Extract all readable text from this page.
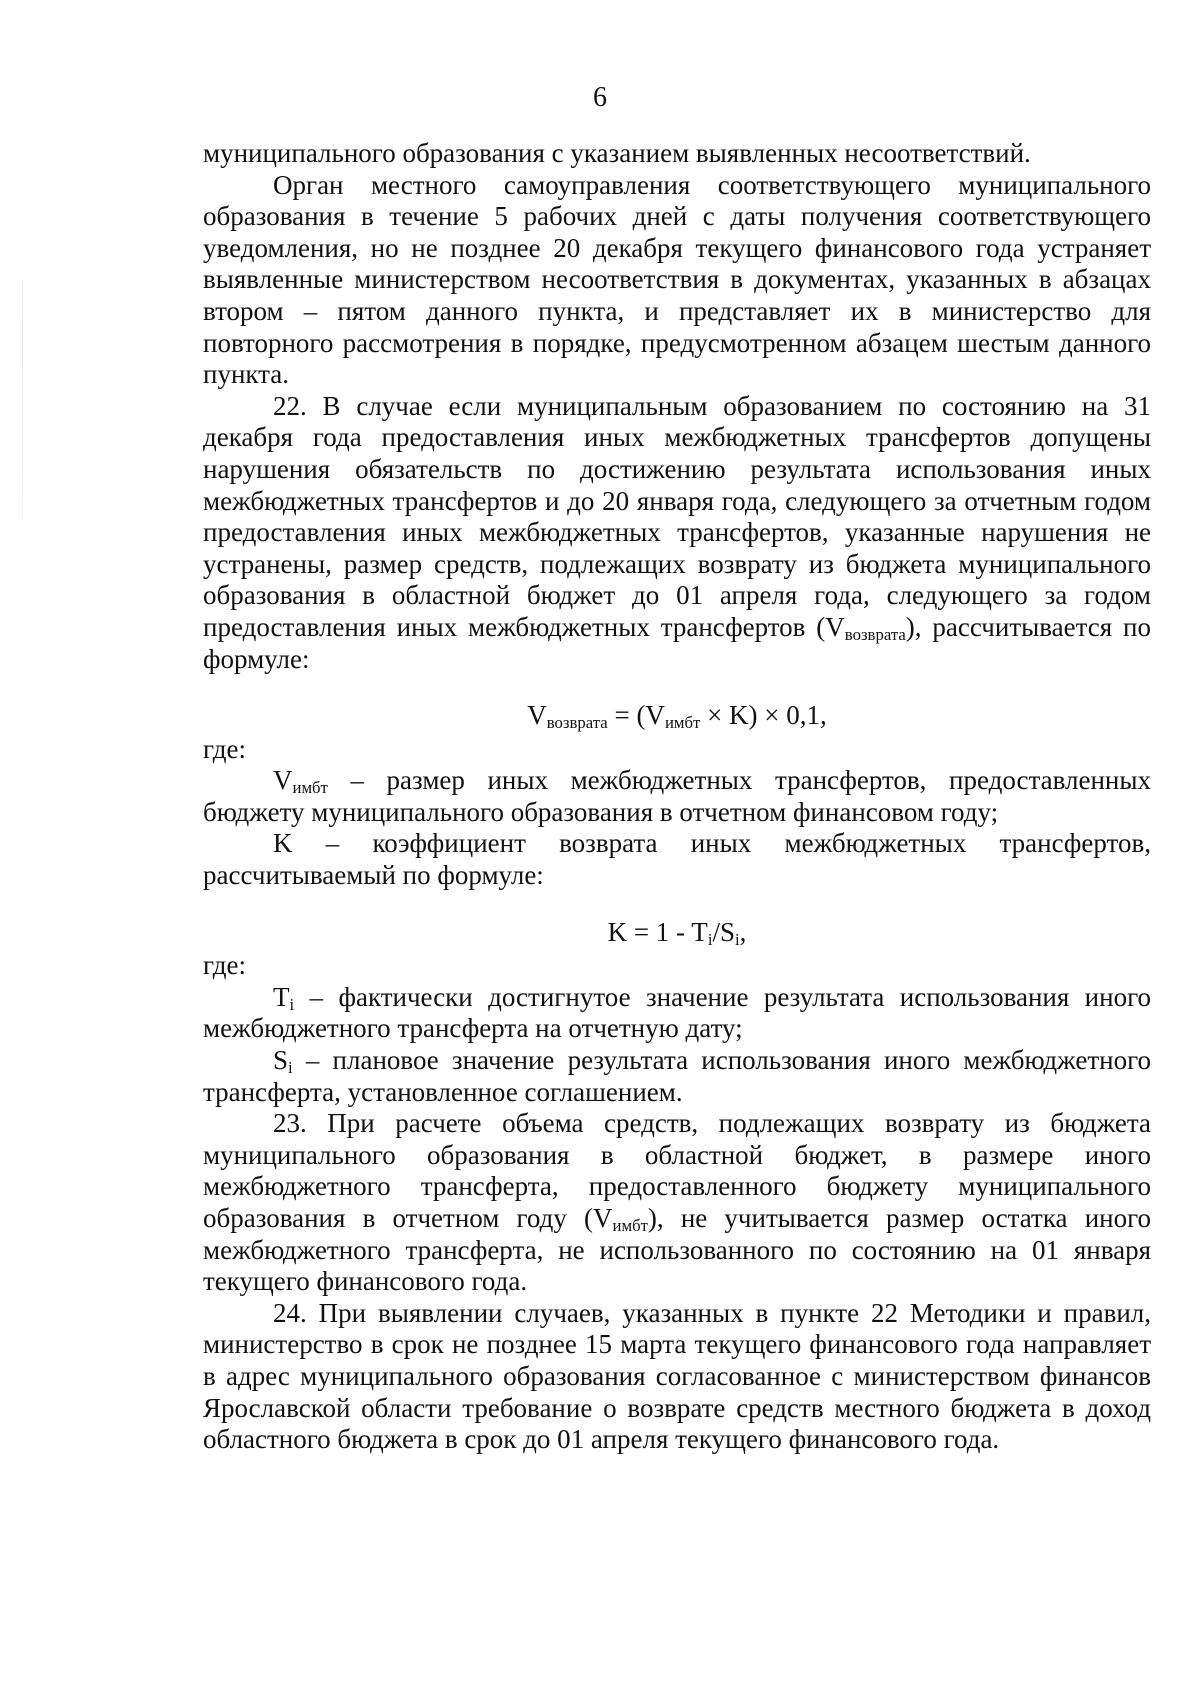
6

муниципального образования с указанием выявленных несоответствий.

Орган местного самоуправления соответствующего муниципального образования в течение 5 рабочих дней с даты получения соответствующего уведомления, но не позднее 20 декабря текущего финансового года устраняет выявленные министерством несоответствия в документах, указанных в абзацах втором – пятом данного пункта, и представляет их в министерство для повторного рассмотрения в порядке, предусмотренном абзацем шестым данного пункта.

22. В случае если муниципальным образованием по состоянию на 31 декабря года предоставления иных межбюджетных трансфертов допущены нарушения обязательств по достижению результата использования иных межбюджетных трансфертов и до 20 января года, следующего за отчетным годом предоставления иных межбюджетных трансфертов, указанные нарушения не устранены, размер средств, подлежащих возврату из бюджета муниципального образования в областной бюджет до 01 апреля года, следующего за годом предоставления иных межбюджетных трансфертов $(V_{возврата})$, рассчитывается по формуле:

$V_{возврата} = (V_{имбт} \times K) \times 0,1$,

где:

$V_{имбт}$ – размер иных межбюджетных трансфертов, предоставленных бюджету муниципального образования в отчетном финансовом году;

K – коэффициент возврата иных межбюджетных трансфертов, рассчитываемый по формуле:

$K = 1 - T_i/S_i$,

где:

$T_i$ – фактически достигнутое значение результата использования иного межбюджетного трансферта на отчетную дату;

$S_i$ – плановое значение результата использования иного межбюджетного трансферта, установленное соглашением.

23. При расчете объема средств, подлежащих возврату из бюджета муниципального образования в областной бюджет, в размере иного межбюджетного трансферта, предоставленного бюджету муниципального образования в отчетном году $(V_{имбт})$, не учитывается размер остатка иного межбюджетного трансферта, не использованного по состоянию на 01 января текущего финансового года.

24. При выявлении случаев, указанных в пункте 22 Методики и правил, министерство в срок не позднее 15 марта текущего финансового года направляет в адрес муниципального образования согласованное с министерством финансов Ярославской области требование о возврате средств местного бюджета в доход областного бюджета в срок до 01 апреля текущего финансового года.
